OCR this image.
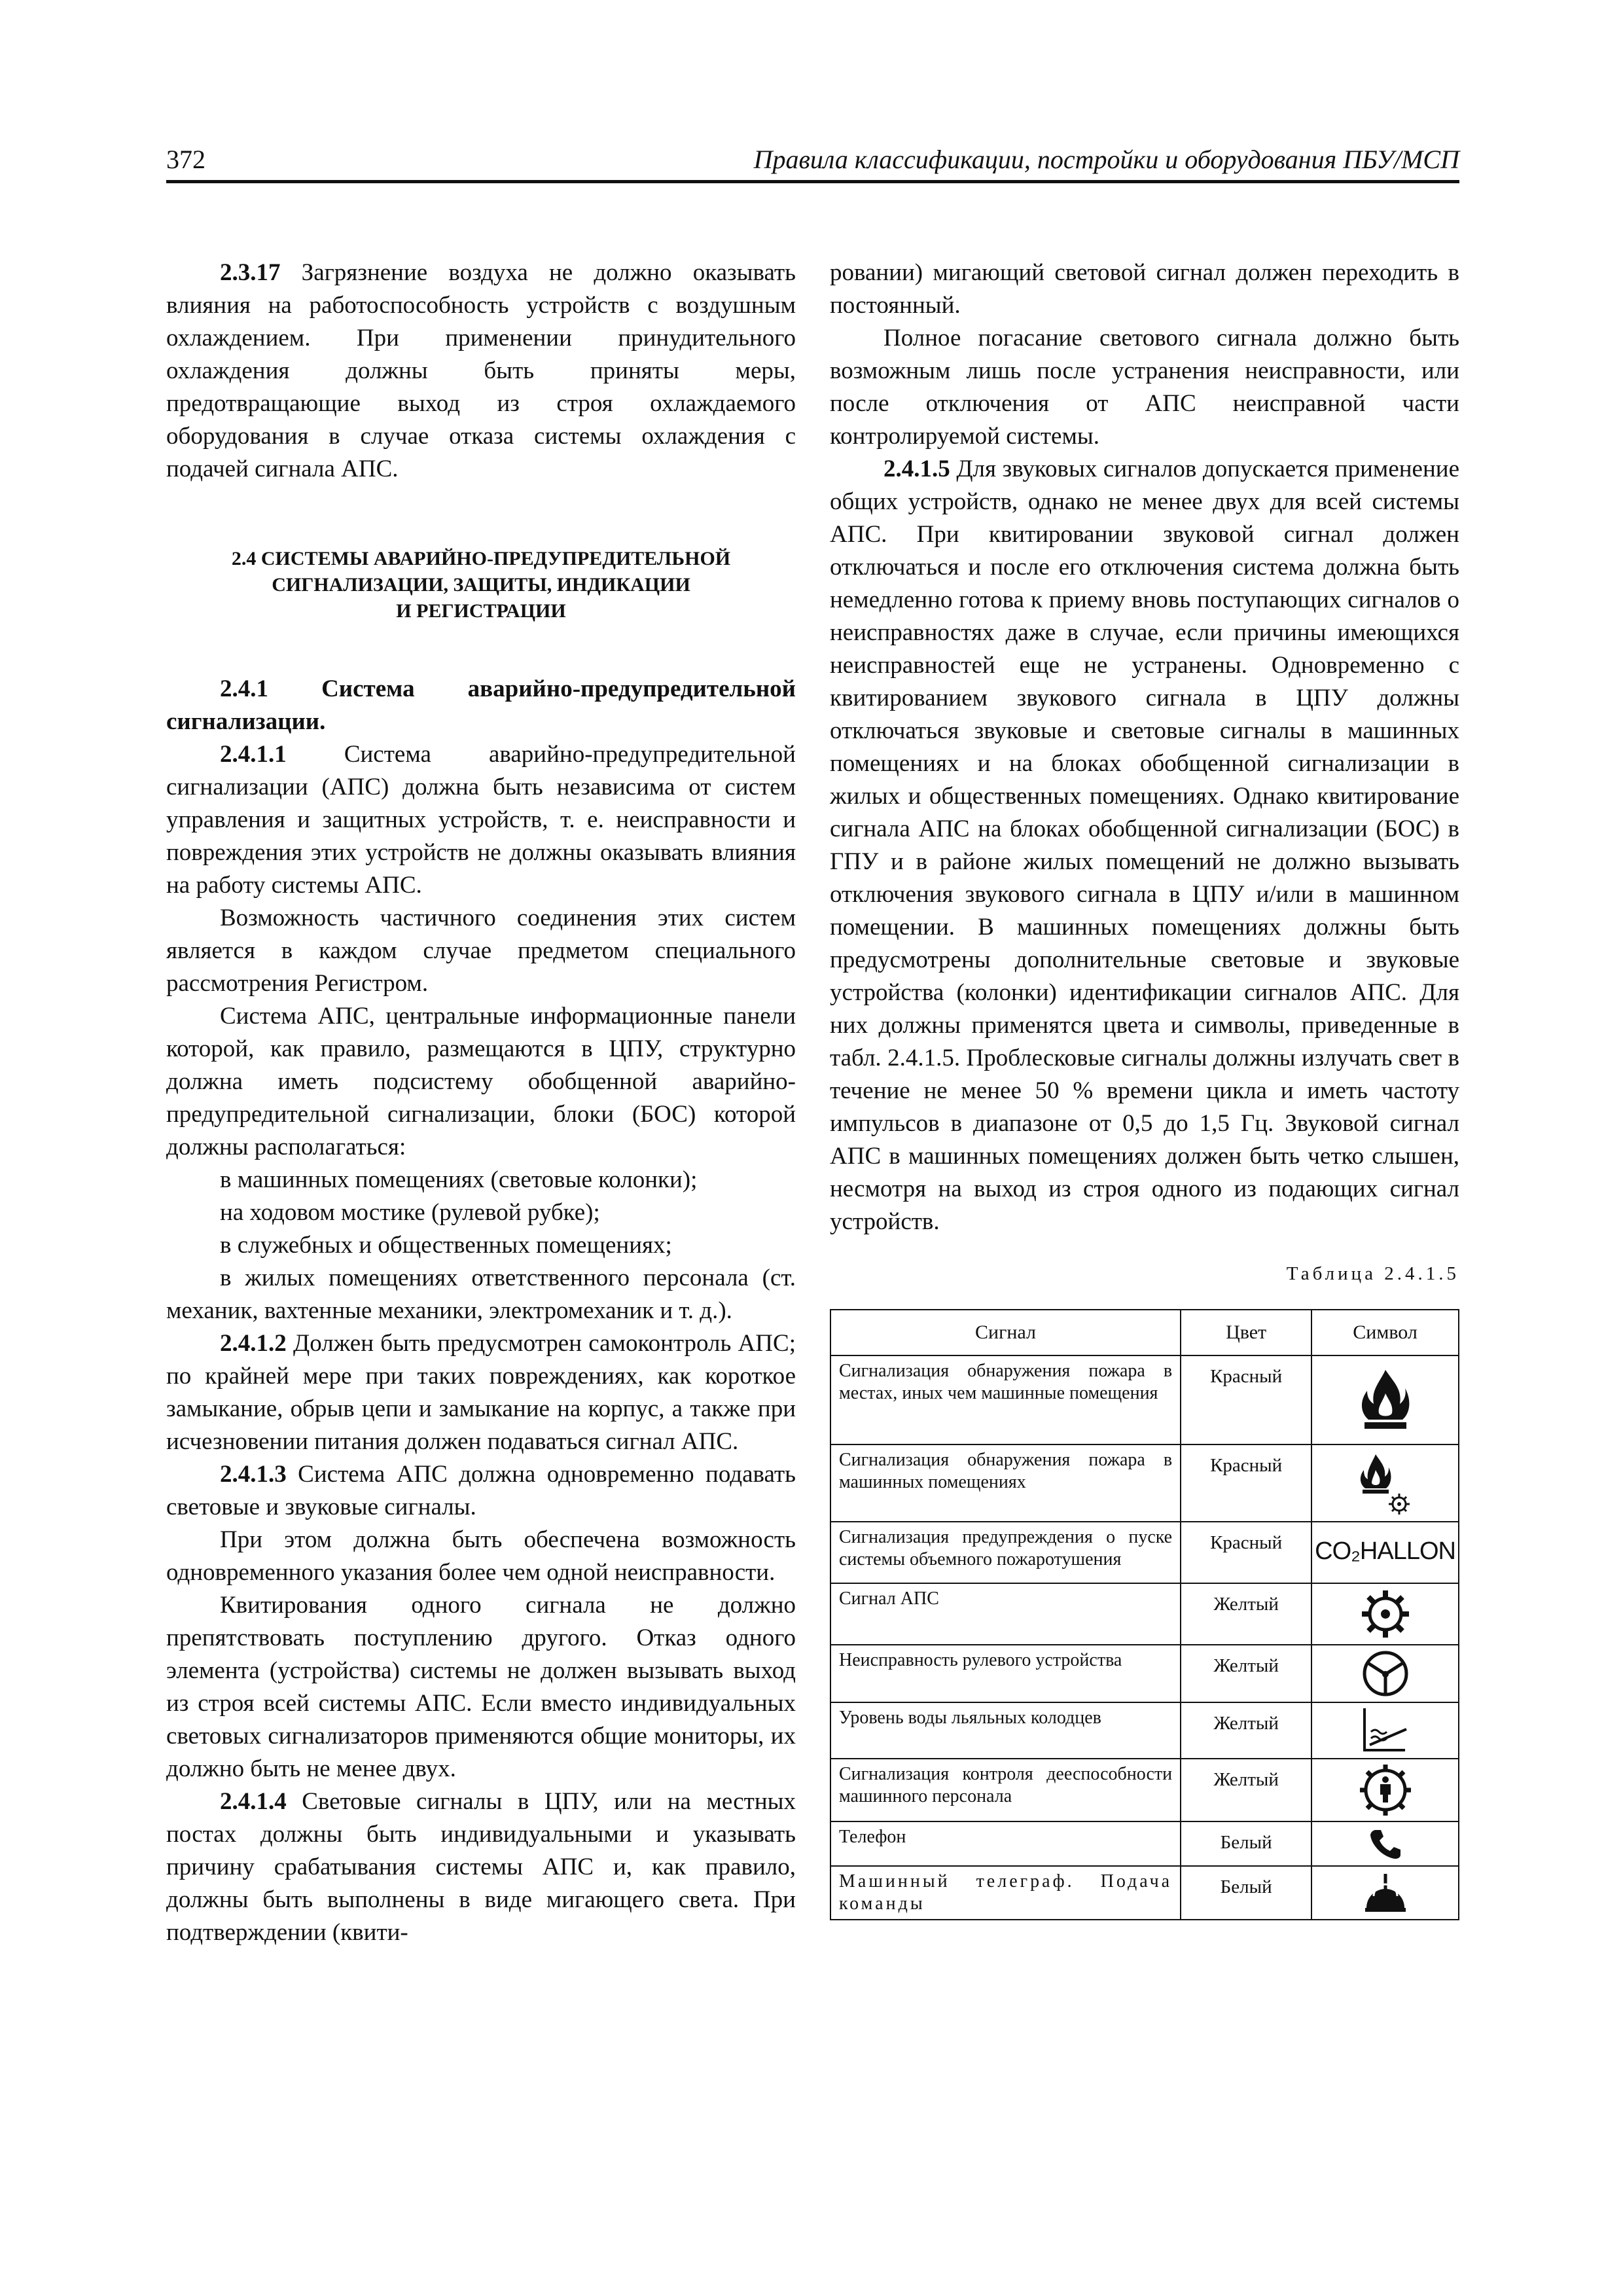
372	Правила классификации, постройки и оборудования ПБУ/МСП

2.3.17 Загрязнение воздуха не должно оказывать влияния на работоспособность устройств с воздушным охлаждением. При применении принудительного охлаждения должны быть приняты меры, предотвращающие выход из строя охлаждаемого оборудования в случае отказа системы охлаждения с подачей сигнала АПС.

2.4 СИСТЕМЫ АВАРИЙНО-ПРЕДУПРЕДИТЕЛЬНОЙ
СИГНАЛИЗАЦИИ, ЗАЩИТЫ, ИНДИКАЦИИ
И РЕГИСТРАЦИИ

2.4.1 Система аварийно-предупредительной сигнализации.

2.4.1.1 Система аварийно-предупредительной сигнализации (АПС) должна быть независима от систем управления и защитных устройств, т. е. неисправности и повреждения этих устройств не должны оказывать влияния на работу системы АПС.

Возможность частичного соединения этих систем является в каждом случае предметом специального рассмотрения Регистром.

Система АПС, центральные информационные панели которой, как правило, размещаются в ЦПУ, структурно должна иметь подсистему обобщенной аварийно-предупредительной сигнализации, блоки (БОС) которой должны располагаться:

в машинных помещениях (световые колонки);

на ходовом мостике (рулевой рубке);

в служебных и общественных помещениях;

в жилых помещениях ответственного персонала (ст. механик, вахтенные механики, электромеханик и т. д.).

2.4.1.2 Должен быть предусмотрен самоконтроль АПС; по крайней мере при таких повреждениях, как короткое замыкание, обрыв цепи и замыкание на корпус, а также при исчезновении питания должен подаваться сигнал АПС.

2.4.1.3 Система АПС должна одновременно подавать световые и звуковые сигналы.

При этом должна быть обеспечена возможность одновременного указания более чем одной неисправности.

Квитирования одного сигнала не должно препятствовать поступлению другого. Отказ одного элемента (устройства) системы не должен вызывать выход из строя всей системы АПС. Если вместо индивидуальных световых сигнализаторов применяются общие мониторы, их должно быть не менее двух.

2.4.1.4 Световые сигналы в ЦПУ, или на местных постах должны быть индивидуальными и указывать причину срабатывания системы АПС и, как правило, должны быть выполнены в виде мигающего света. При подтверждении (квити-

ровании) мигающий световой сигнал должен переходить в постоянный.

Полное погасание светового сигнала должно быть возможным лишь после устранения неисправности, или после отключения от АПС неисправной части контролируемой системы.

2.4.1.5 Для звуковых сигналов допускается применение общих устройств, однако не менее двух для всей системы АПС. При квитировании звуковой сигнал должен отключаться и после его отключения система должна быть немедленно готова к приему вновь поступающих сигналов о неисправностях даже в случае, если причины имеющихся неисправностей еще не устранены. Одновременно с квитированием звукового сигнала в ЦПУ должны отключаться звуковые и световые сигналы в машинных помещениях и на блоках обобщенной сигнализации в жилых и общественных помещениях. Однако квитирование сигнала АПС на блоках обобщенной сигнализации (БОС) в ГПУ и в районе жилых помещений не должно вызывать отключения звукового сигнала в ЦПУ и/или в машинном помещении. В машинных помещениях должны быть предусмотрены дополнительные световые и звуковые устройства (колонки) идентификации сигналов АПС. Для них должны применятся цвета и символы, приведенные в табл. 2.4.1.5. Проблесковые сигналы должны излучать свет в течение не менее 50 % времени цикла и иметь частоту импульсов в диапазоне от 0,5 до 1,5 Гц. Звуковой сигнал АПС в машинных помещениях должен быть четко слышен, несмотря на выход из строя одного из подающих сигнал устройств.

Таблица 2.4.1.5
Сигнал	Цвет	Символ
Сигнализация обнаружения пожара в местах, иных чем машинные помещения	Красный	

Сигнализация обнаружения пожара в машинных помещениях	Красный	

Сигнализация предупреждения о пуске системы объемного пожаротушения	Красный	CO₂HALLON
Сигнал АПС	Желтый	

Неисправность рулевого устройства	Желтый	

Уровень воды льяльных колодцев	Желтый	

Сигнализация контроля дееспособности машинного персонала	Желтый	

Телефон	Белый	

Машинный телеграф. Подача команды	Белый	
